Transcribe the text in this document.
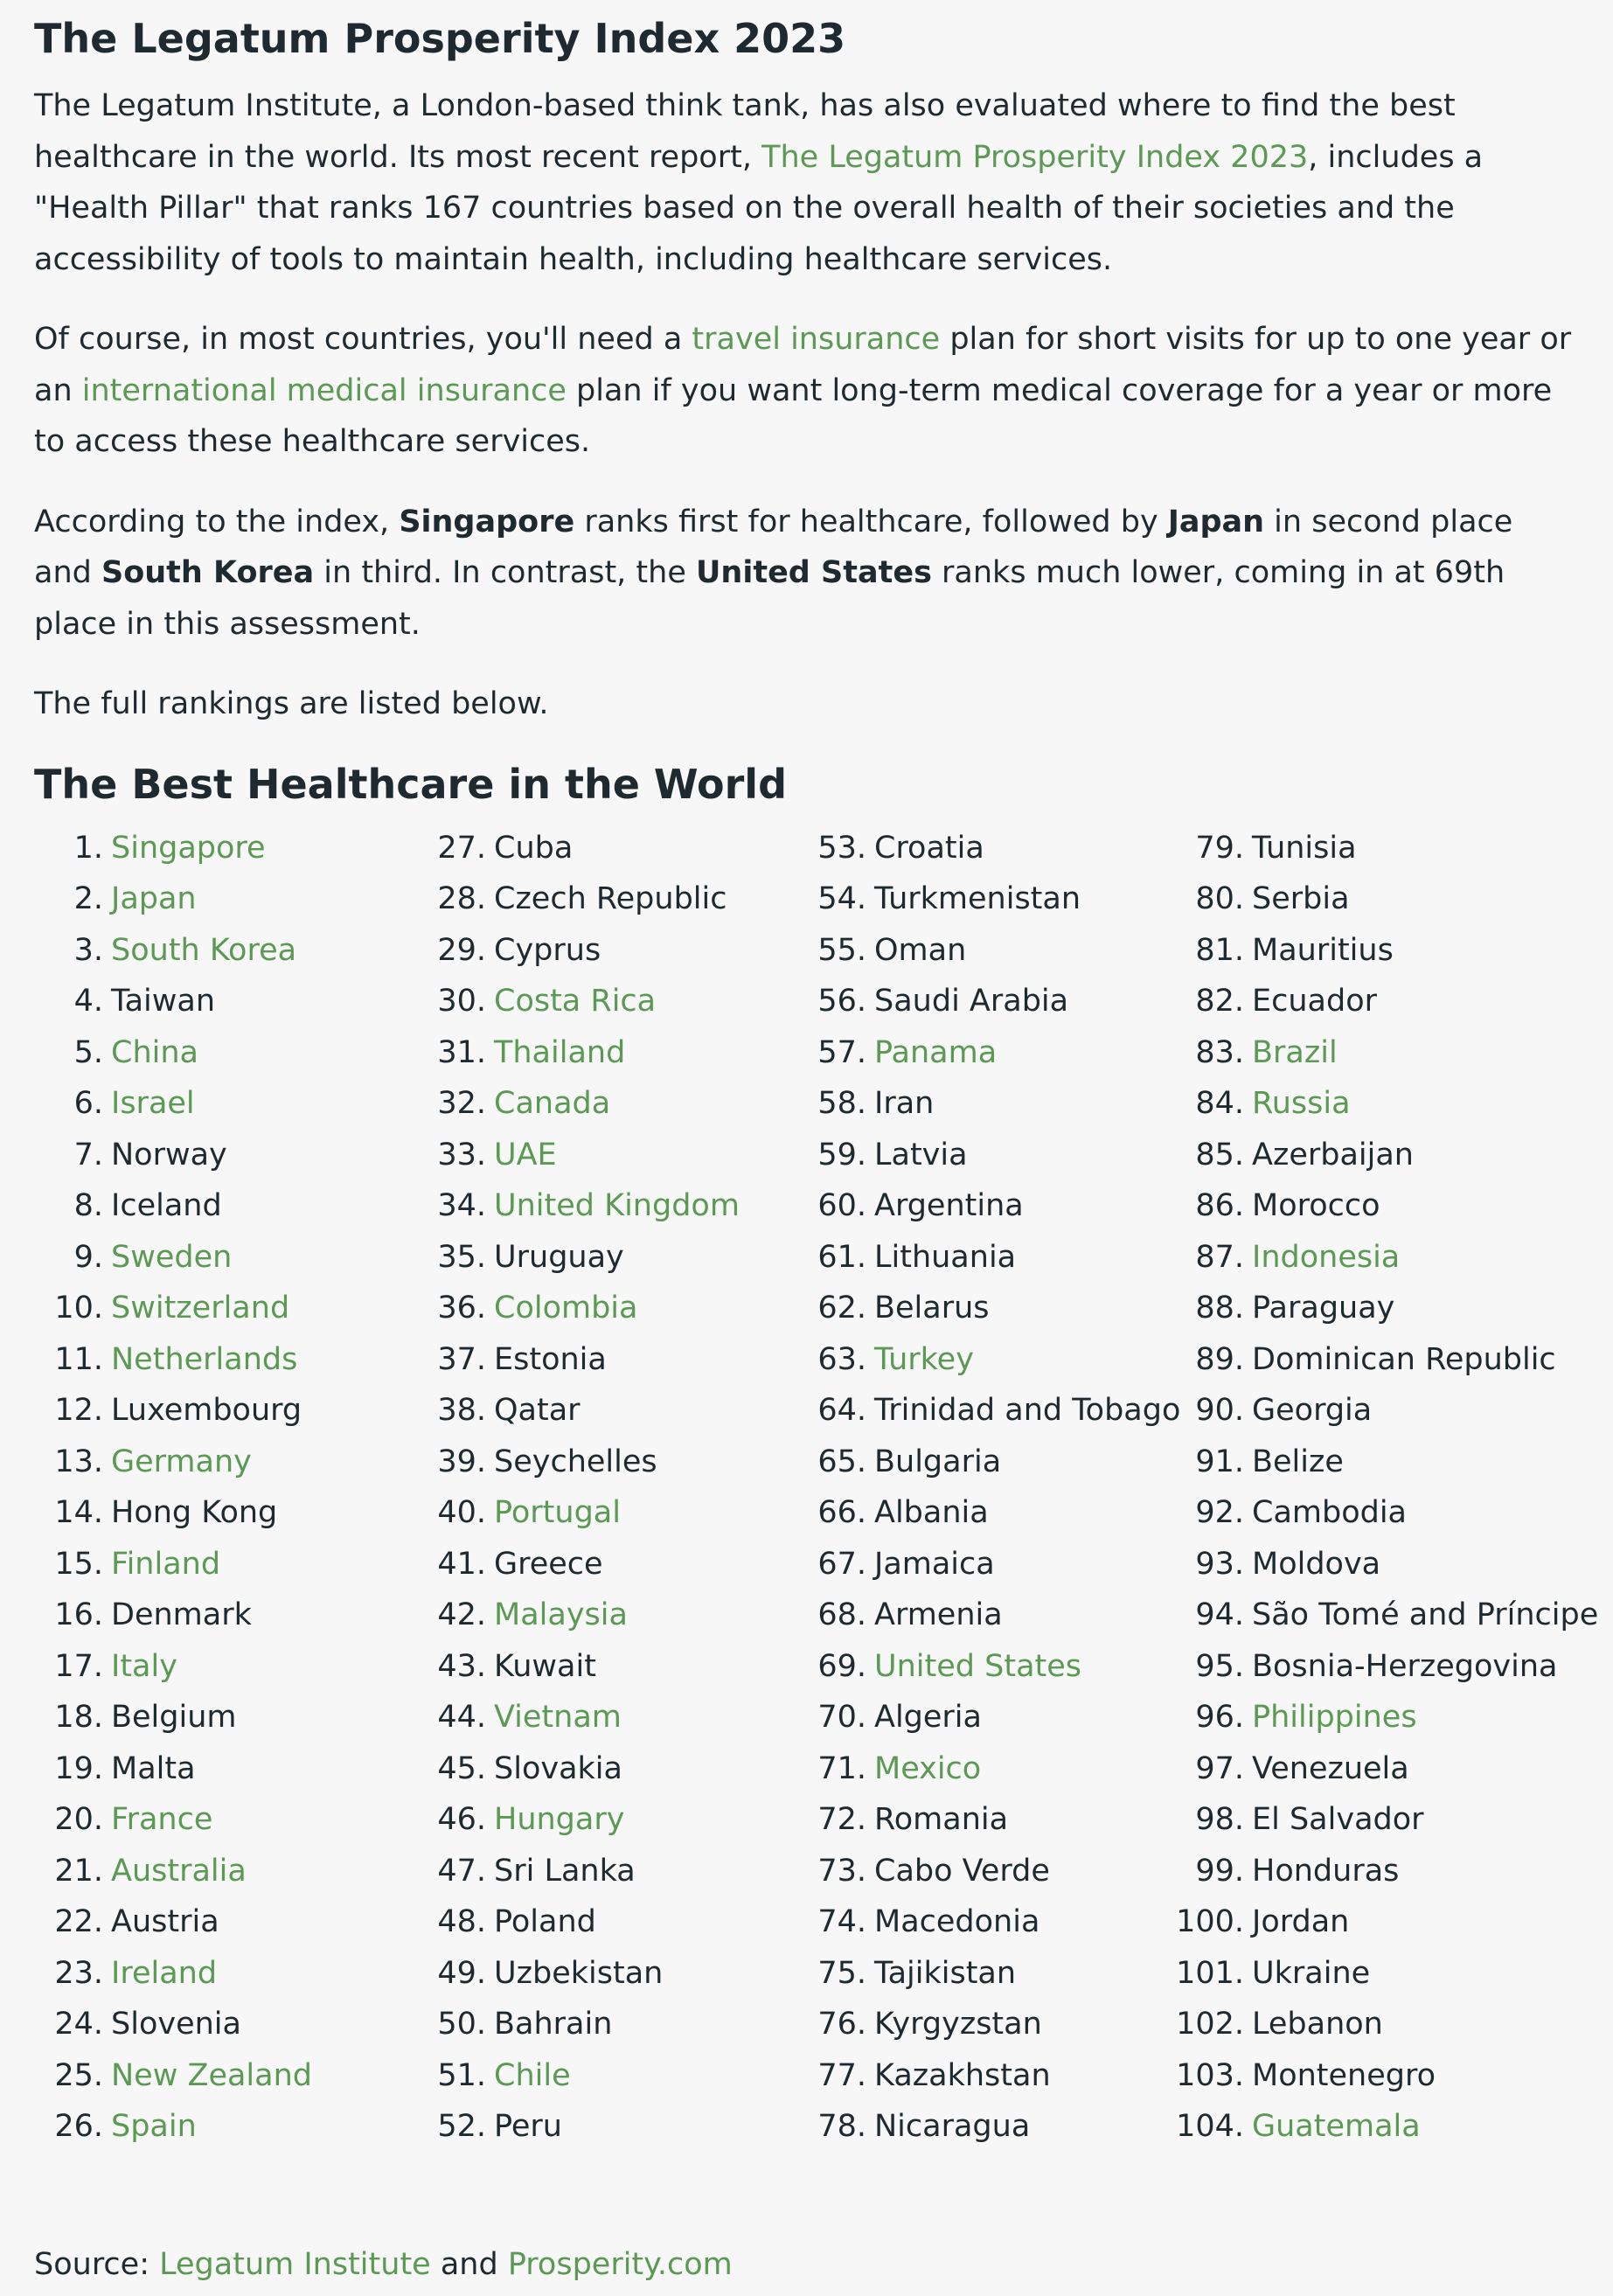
The Legatum Prosperity Index 2023

The Legatum Institute, a London-based think tank, has also evaluated where to find the best healthcare in the world. Its most recent report, The Legatum Prosperity Index 2023, includes a "Health Pillar" that ranks 167 countries based on the overall health of their societies and the accessibility of tools to maintain health, including healthcare services.

Of course, in most countries, you'll need a travel insurance plan for short visits for up to one year or an international medical insurance plan if you want long-term medical coverage for a year or more to access these healthcare services.

According to the index, Singapore ranks first for healthcare, followed by Japan in second place and South Korea in third. In contrast, the United States ranks much lower, coming in at 69th place in this assessment.

The full rankings are listed below.

The Best Healthcare in the World
1. Singapore
2. Japan
3. South Korea
4. Taiwan
5. China
6. Israel
7. Norway
8. Iceland
9. Sweden
10. Switzerland
11. Netherlands
12. Luxembourg
13. Germany
14. Hong Kong
15. Finland
16. Denmark
17. Italy
18. Belgium
19. Malta
20. France
21. Australia
22. Austria
23. Ireland
24. Slovenia
25. New Zealand
26. Spain
27. Cuba
28. Czech Republic
29. Cyprus
30. Costa Rica
31. Thailand
32. Canada
33. UAE
34. United Kingdom
35. Uruguay
36. Colombia
37. Estonia
38. Qatar
39. Seychelles
40. Portugal
41. Greece
42. Malaysia
43. Kuwait
44. Vietnam
45. Slovakia
46. Hungary
47. Sri Lanka
48. Poland
49. Uzbekistan
50. Bahrain
51. Chile
52. Peru
53. Croatia
54. Turkmenistan
55. Oman
56. Saudi Arabia
57. Panama
58. Iran
59. Latvia
60. Argentina
61. Lithuania
62. Belarus
63. Turkey
64. Trinidad and Tobago
65. Bulgaria
66. Albania
67. Jamaica
68. Armenia
69. United States
70. Algeria
71. Mexico
72. Romania
73. Cabo Verde
74. Macedonia
75. Tajikistan
76. Kyrgyzstan
77. Kazakhstan
78. Nicaragua
79. Tunisia
80. Serbia
81. Mauritius
82. Ecuador
83. Brazil
84. Russia
85. Azerbaijan
86. Morocco
87. Indonesia
88. Paraguay
89. Dominican Republic
90. Georgia
91. Belize
92. Cambodia
93. Moldova
94. São Tomé and Príncipe
95. Bosnia-Herzegovina
96. Philippines
97. Venezuela
98. El Salvador
99. Honduras
100. Jordan
101. Ukraine
102. Lebanon
103. Montenegro
104. Guatemala

Source: Legatum Institute and Prosperity.com
